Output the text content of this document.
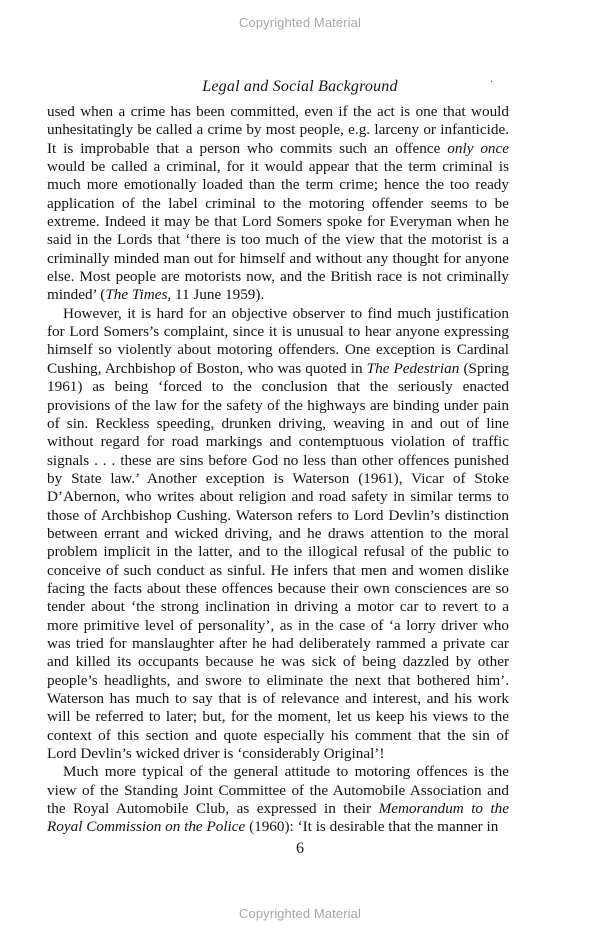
Copyrighted Material
Legal and Social Background	·

used when a crime has been committed, even if the act is one that would unhesitatingly be called a crime by most people, e.g. larceny or infanticide. It is improbable that a person who commits such an offence only once would be called a criminal, for it would appear that the term criminal is much more emotionally loaded than the term crime; hence the too ready application of the label criminal to the motoring offender seems to be extreme. Indeed it may be that Lord Somers spoke for Everyman when he said in the Lords that ‘there is too much of the view that the motorist is a criminally minded man out for himself and without any thought for anyone else. Most people are motorists now, and the British race is not criminally minded’ (The Times, 11 June 1959).

However, it is hard for an objective observer to find much justification for Lord Somers’s complaint, since it is unusual to hear anyone expressing himself so violently about motoring offenders. One exception is Cardinal Cushing, Archbishop of Boston, who was quoted in The Pedestrian (Spring 1961) as being ‘forced to the conclusion that the seriously enacted provisions of the law for the safety of the highways are binding under pain of sin. Reckless speeding, drunken driving, weaving in and out of line without regard for road markings and contemptuous violation of traffic signals . . . these are sins before God no less than other offences punished by State law.’ Another exception is Waterson (1961), Vicar of Stoke D’Abernon, who writes about religion and road safety in similar terms to those of Archbishop Cushing. Waterson refers to Lord Devlin’s distinction between errant and wicked driving, and he draws attention to the moral problem implicit in the latter, and to the illogical refusal of the public to conceive of such conduct as sinful. He infers that men and women dislike facing the facts about these offences because their own consciences are so tender about ‘the strong inclination in driving a motor car to revert to a more primitive level of personality’, as in the case of ‘a lorry driver who was tried for manslaughter after he had deliberately rammed a private car and killed its occupants because he was sick of being dazzled by other people’s headlights, and swore to eliminate the next that bothered him’. Waterson has much to say that is of relevance and interest, and his work will be referred to later; but, for the moment, let us keep his views to the context of this section and quote especially his comment that the sin of Lord Devlin’s wicked driver is ‘considerably Original’!

Much more typical of the general attitude to motoring offences is the view of the Standing Joint Committee of the Automobile Association and the Royal Automobile Club, as expressed in their Memorandum to the Royal Commission on the Police (1960): ‘It is desirable that the manner in

6
Copyrighted Material
